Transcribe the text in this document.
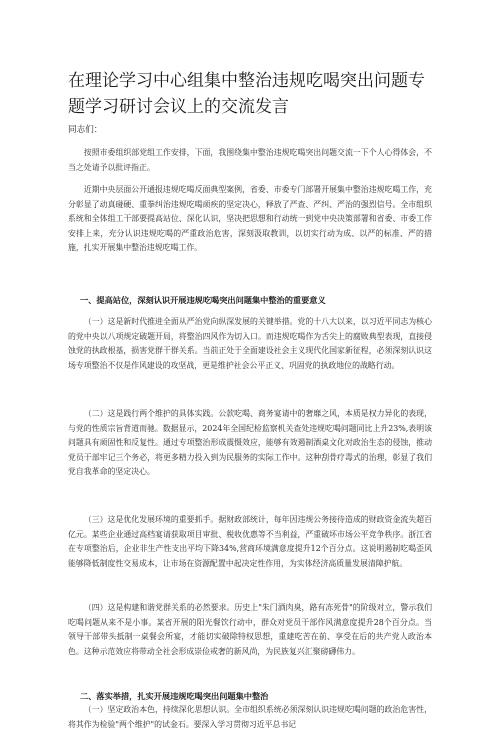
在理论学习中心组集中整治违规吃喝突出问题专题学习研讨会议上的交流发言

同志们：

按照市委组织部党组工作安排，下面，我围绕集中整治违规吃喝突出问题交流一下个人心得体会，不当之处请予以批评指正。

近期中央层面公开通报违规吃喝反面典型案例，省委、市委专门部署开展集中整治违规吃喝工作，充分彰显了动真碰硬、重拳纠治违规吃喝顽疾的坚定决心，释放了严查、严纠、严治的强烈信号。全市组织系统和全体组工干部要提高站位、深化认识，坚决把思想和行动统一到党中央决策部署和省委、市委工作安排上来，充分认识违规吃喝的严重政治危害，深刻汲取教训，以切实行动为成、以严的标准、严的措施，扎实开展集中整治违规吃喝工作。

一、提高站位，深刻认识开展违规吃喝突出问题集中整治的重要意义

（一）这是新时代推进全面从严治党向纵深发展的关键举措。党的十八大以来，以习近平同志为核心的党中央以八项规定破题开局，将整治四风作为切入口。而违规吃喝作为舌尖上的腐败典型表现，直接侵蚀党的执政根基，损害党群干群关系。当前正处于全面建设社会主义现代化国家新征程，必须深刻认识这场专项整治不仅是作风建设的攻坚战，更是维护社会公平正义、巩固党的执政地位的战略行动。

（二）这是践行两个维护的具体实践。公款吃喝、商务宴请中的奢靡之风，本质是权力异化的表现，与党的性质宗旨背道而驰。数据显示，2024年全国纪检监察机关查处违规吃喝问题同比上升23%,表明该问题具有顽固性和反复性。通过专项整治形成震慑效应，能够有效遏制酒桌文化对政治生态的侵蚀，推动党员干部牢记三个务必，将更多精力投入到为民服务的实际工作中。这种刮骨疗毒式的治理，彰显了我们党自我革命的坚定决心。

（三）这是优化发展环境的重要抓手。据财政部统计，每年因违规公务接待造成的财政资金流失超百亿元。某些企业通过高档宴请获取项目审批、税收优惠等不当利益，严重破坏市场公平竞争秩序。浙江省在专项整治后，企业非生产性支出平均下降34%,营商环境满意度提升12个百分点。这说明遏制吃喝歪风能够降低制度性交易成本，让市场在资源配置中起决定性作用，为实体经济高质量发展清障护航。

（四）这是构建和谐党群关系的必然要求。历史上"朱门酒肉臭，路有冻死骨"的阶级对立，警示我们吃喝问题从来不是小事。某省开展的阳光餐饮行动中，群众对党员干部作风满意度提升28个百分点。当领导干部带头抵制一桌餐会所宴，才能切实破除特权思想，重建吃苦在前、享受在后的共产党人政治本色。这种示范效应将带动全社会形成崇俭戒奢的新风尚，为民族复兴汇聚磅礴伟力。

二、落实举措，扎实开展违规吃喝突出问题集中整治

（一）坚定政治本色，持续深化思想认识。全市组织系统必须深刻认识违规吃喝问题的政治危害性，将其作为检验"两个维护"的试金石。要深入学习贯彻习近平总书记
